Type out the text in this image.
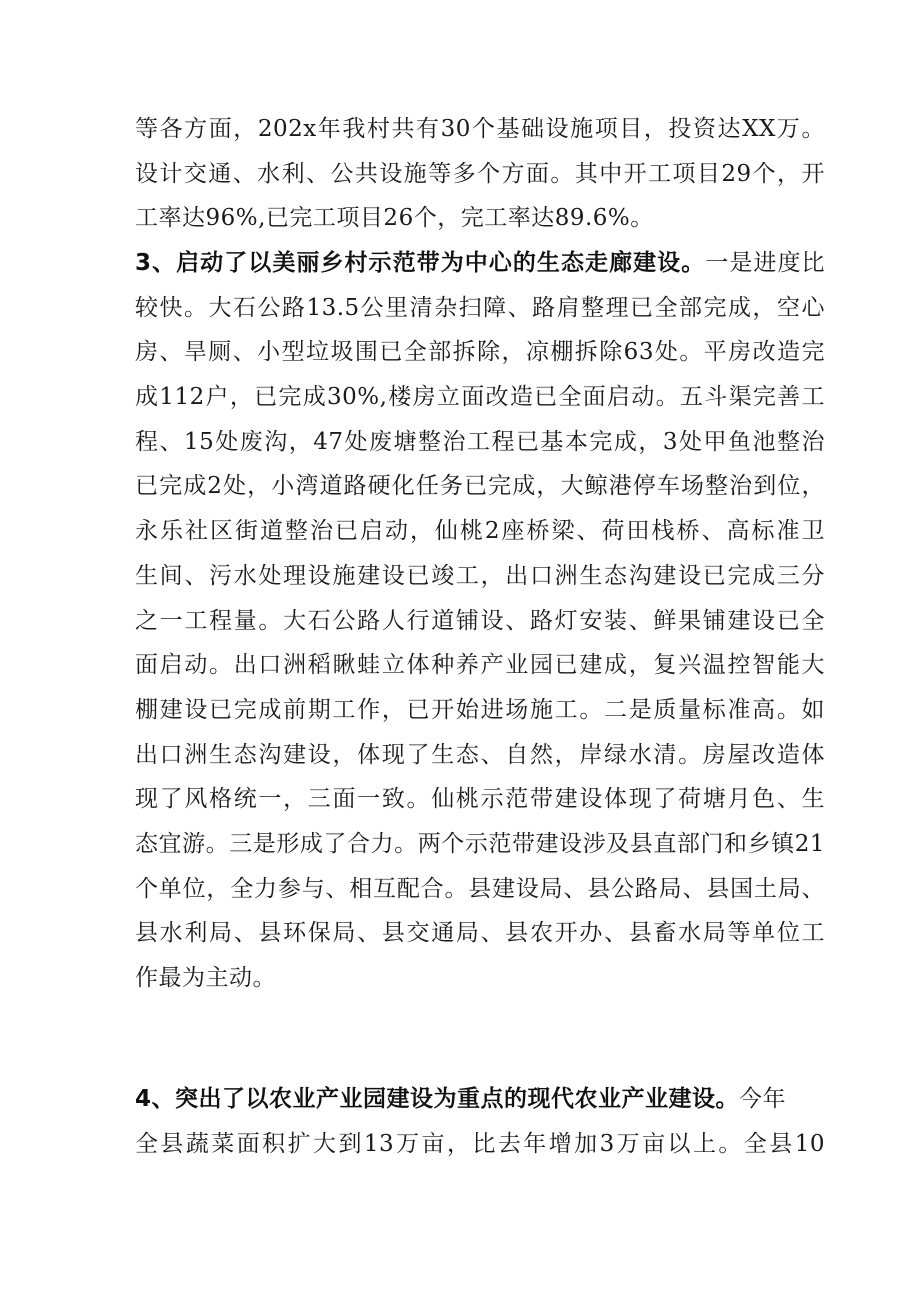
等各方面，202x年我村共有30个基础设施项目，投资达XX万。
设计交通、水利、公共设施等多个方面。其中开工项目29个，开
工率达96%,已完工项目26个，完工率达89.6%。
3、启动了以美丽乡村示范带为中心的生态走廊建设。一是进度比
较快。大石公路13.5公里清杂扫障、路肩整理已全部完成，空心
房、旱厕、小型垃圾围已全部拆除，凉棚拆除63处。平房改造完
成112户，已完成30%,楼房立面改造已全面启动。五斗渠完善工
程、15处废沟，47处废塘整治工程已基本完成，3处甲鱼池整治
已完成2处，小湾道路硬化任务已完成，大鲸港停车场整治到位，
永乐社区街道整治已启动，仙桃2座桥梁、荷田栈桥、高标准卫
生间、污水处理设施建设已竣工，出口洲生态沟建设已完成三分
之一工程量。大石公路人行道铺设、路灯安装、鲜果铺建设已全
面启动。出口洲稻瞅蛙立体种养产业园已建成，复兴温控智能大
棚建设已完成前期工作，已开始进场施工。二是质量标准高。如
出口洲生态沟建设，体现了生态、自然，岸绿水清。房屋改造体
现了风格统一，三面一致。仙桃示范带建设体现了荷塘月色、生
态宜游。三是形成了合力。两个示范带建设涉及县直部门和乡镇21
个单位，全力参与、相互配合。县建设局、县公路局、县国土局、
县水利局、县环保局、县交通局、县农开办、县畜水局等单位工
作最为主动。
4、突出了以农业产业园建设为重点的现代农业产业建设。今年
全县蔬菜面积扩大到13万亩，比去年增加3万亩以上。全县10
